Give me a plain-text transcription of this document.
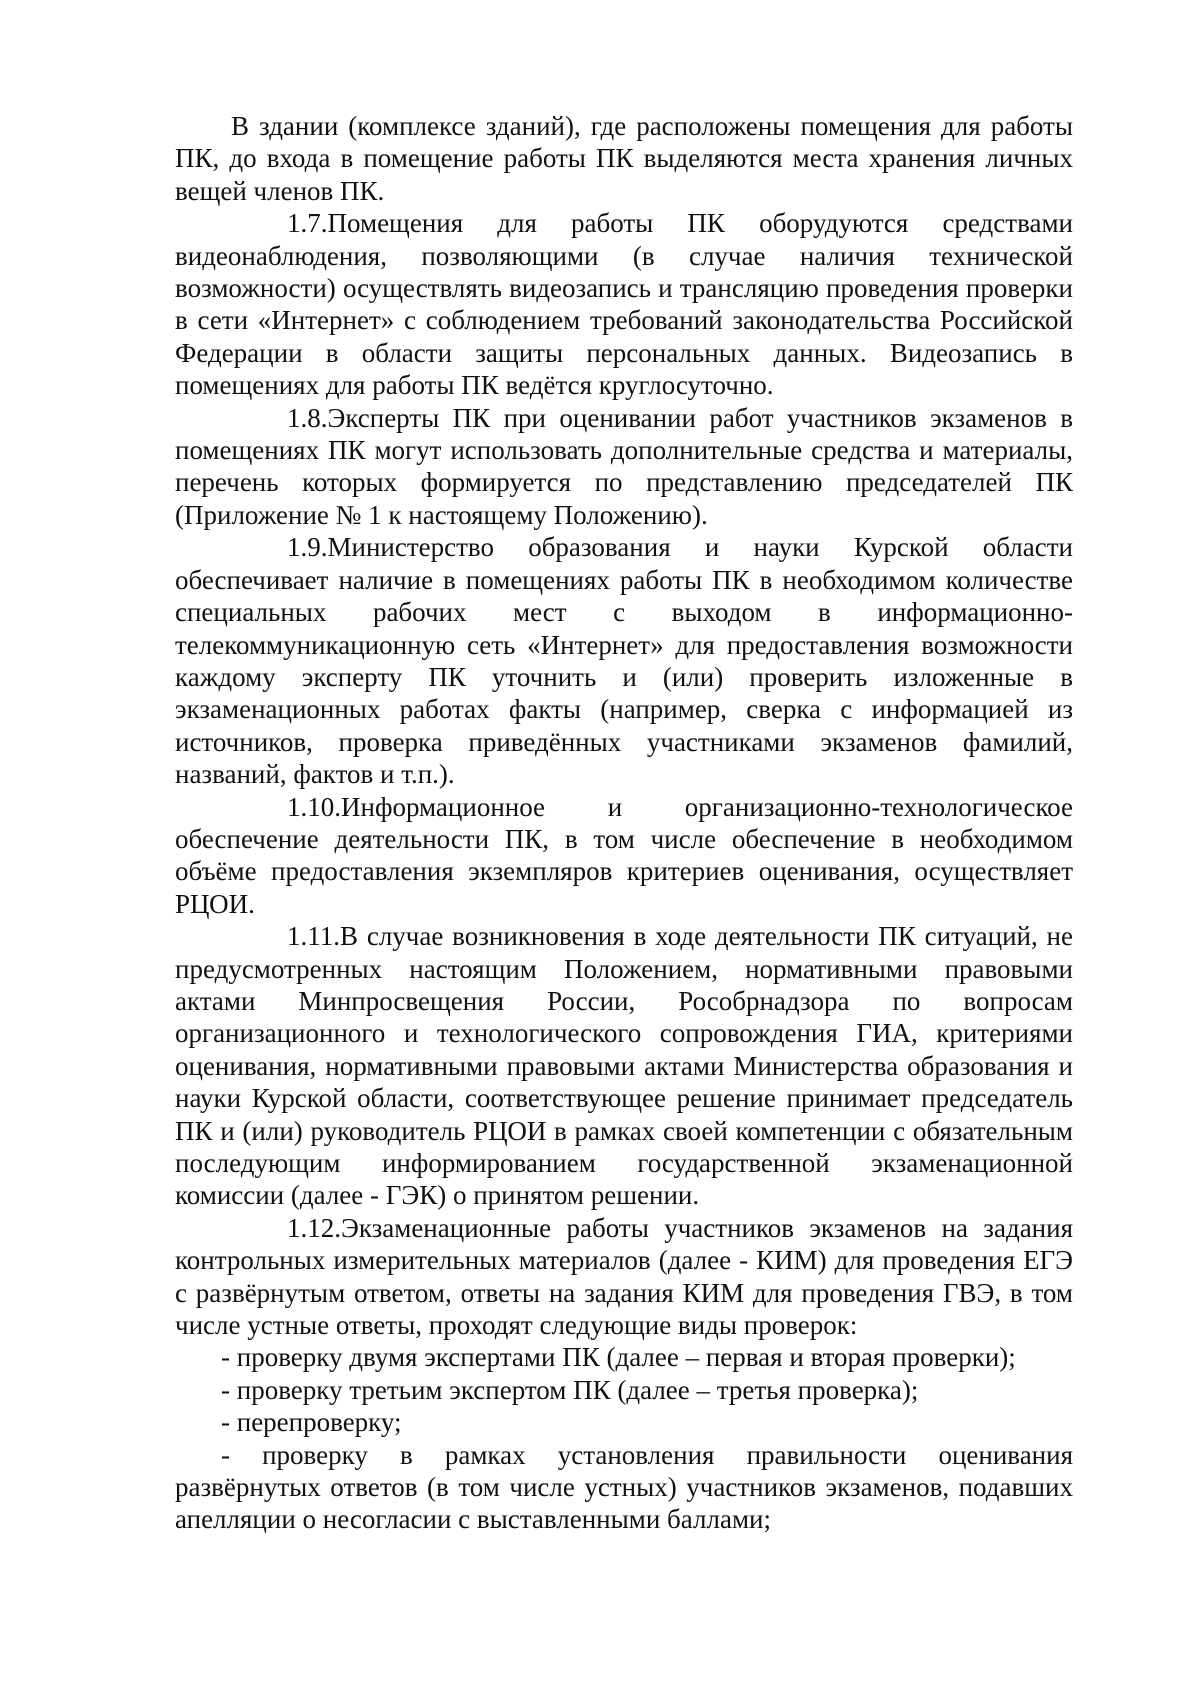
В здании (комплексе зданий), где расположены помещения для работы ПК, до входа в помещение работы ПК выделяются места хранения личных вещей членов ПК.

1.7.Помещения для работы ПК оборудуются средствами видеонаблюдения, позволяющими (в случае наличия технической возможности) осуществлять видеозапись и трансляцию проведения проверки в сети «Интернет» с соблюдением требований законодательства Российской Федерации в области защиты персональных данных. Видеозапись в помещениях для работы ПК ведётся круглосуточно.

1.8.Эксперты ПК при оценивании работ участников экзаменов в помещениях ПК могут использовать дополнительные средства и материалы, перечень которых формируется по представлению председателей ПК (Приложение № 1 к настоящему Положению).

1.9.Министерство образования и науки Курской области обеспечивает наличие в помещениях работы ПК в необходимом количестве специальных рабочих мест с выходом в информационно-телекоммуникационную сеть «Интернет» для предоставления возможности каждому эксперту ПК уточнить и (или) проверить изложенные в экзаменационных работах факты (например, сверка с информацией из источников, проверка приведённых участниками экзаменов фамилий, названий, фактов и т.п.).

1.10.Информационное и организационно-технологическое обеспечение деятельности ПК, в том числе обеспечение в необходимом объёме предоставления экземпляров критериев оценивания, осуществляет РЦОИ.

1.11.В случае возникновения в ходе деятельности ПК ситуаций, не предусмотренных настоящим Положением, нормативными правовыми актами Минпросвещения России, Рособрнадзора по вопросам организационного и технологического сопровождения ГИА, критериями оценивания, нормативными правовыми актами Министерства образования и науки Курской области, соответствующее решение принимает председатель ПК и (или) руководитель РЦОИ в рамках своей компетенции с обязательным последующим информированием государственной экзаменационной комиссии (далее - ГЭК) о принятом решении.

1.12.Экзаменационные работы участников экзаменов на задания контрольных измерительных материалов (далее - КИМ) для проведения ЕГЭ с развёрнутым ответом, ответы на задания КИМ для проведения ГВЭ, в том числе устные ответы, проходят следующие виды проверок:

- проверку двумя экспертами ПК (далее – первая и вторая проверки);

- проверку третьим экспертом ПК (далее – третья проверка);

- перепроверку;

- проверку в рамках установления правильности оценивания развёрнутых ответов (в том числе устных) участников экзаменов, подавших апелляции о несогласии с выставленными баллами;
